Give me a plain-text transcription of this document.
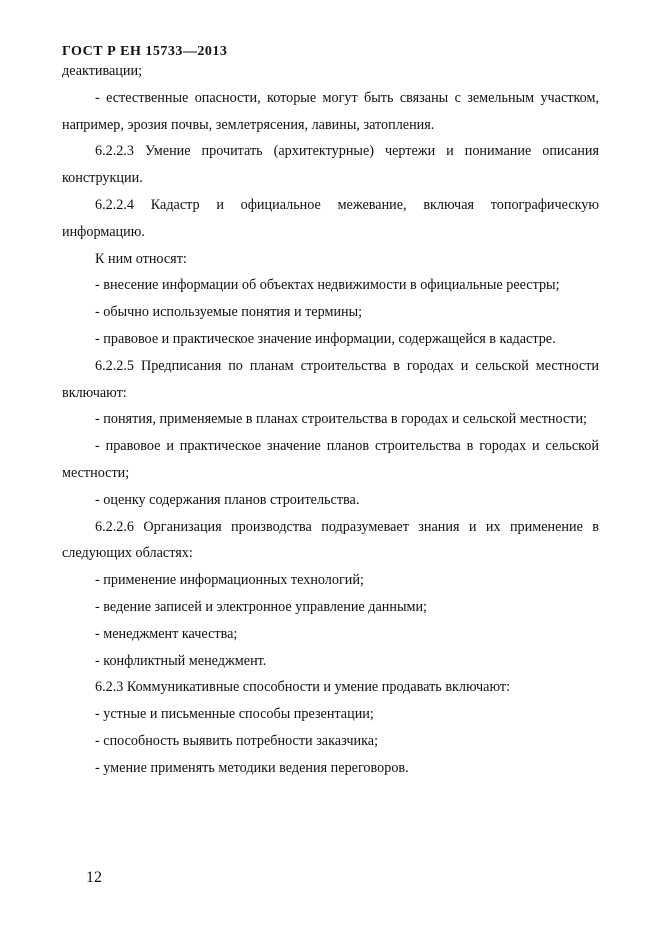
ГОСТ Р ЕН 15733—2013

деактивации;

- естественные опасности, которые могут быть связаны с земельным участком, например, эрозия почвы, землетрясения, лавины, затопления.

6.2.2.3 Умение прочитать (архитектурные) чертежи и понимание описания конструкции.

6.2.2.4 Кадастр и официальное межевание, включая топографическую информацию.

К ним относят:

- внесение информации об объектах недвижимости в официальные реестры;

- обычно используемые понятия и термины;

- правовое и практическое значение информации, содержащейся в кадастре.

6.2.2.5 Предписания по планам строительства в городах и сельской местности включают:

- понятия, применяемые в планах строительства в городах и сельской местности;

- правовое и практическое значение планов строительства в городах и сельской местности;

- оценку содержания планов строительства.

6.2.2.6 Организация производства подразумевает знания и их применение в следующих областях:

- применение информационных технологий;

- ведение записей и электронное управление данными;

- менеджмент качества;

- конфликтный менеджмент.

6.2.3 Коммуникативные способности и умение продавать включают:

- устные и письменные способы презентации;

- способность выявить потребности заказчика;

- умение применять методики ведения переговоров.

12
